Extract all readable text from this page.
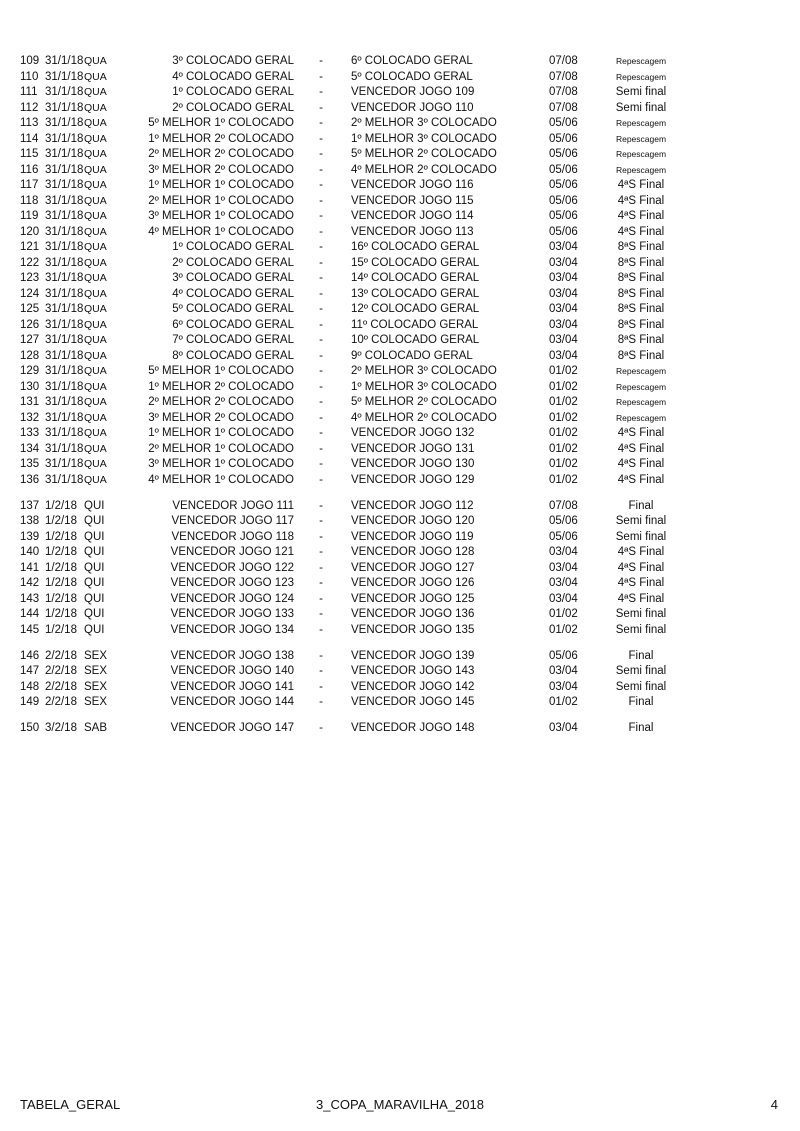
109 31/1/18 QUA	3º COLOCADO GERAL	-	6º COLOCADO GERAL	07/08	Repescagem
110 31/1/18 QUA	4º COLOCADO GERAL	-	5º COLOCADO GERAL	07/08	Repescagem
111 31/1/18 QUA	1º COLOCADO GERAL	-	VENCEDOR JOGO 109	07/08	Semi final
112 31/1/18 QUA	2º COLOCADO GERAL	-	VENCEDOR JOGO 110	07/08	Semi final
113 31/1/18 QUA	5º MELHOR 1º COLOCADO	-	2º MELHOR 3º COLOCADO	05/06	Repescagem
114 31/1/18 QUA	1º MELHOR 2º COLOCADO	-	1º MELHOR 3º COLOCADO	05/06	Repescagem
115 31/1/18 QUA	2º MELHOR 2º COLOCADO	-	5º MELHOR 2º COLOCADO	05/06	Repescagem
116 31/1/18 QUA	3º MELHOR 2º COLOCADO	-	4º MELHOR 2º COLOCADO	05/06	Repescagem
117 31/1/18 QUA	1º MELHOR 1º COLOCADO	-	VENCEDOR JOGO 116	05/06	4ªS Final
118 31/1/18 QUA	2º MELHOR 1º COLOCADO	-	VENCEDOR JOGO 115	05/06	4ªS Final
119 31/1/18 QUA	3º MELHOR 1º COLOCADO	-	VENCEDOR JOGO 114	05/06	4ªS Final
120 31/1/18 QUA	4º MELHOR 1º COLOCADO	-	VENCEDOR JOGO 113	05/06	4ªS Final
121 31/1/18 QUA	1º COLOCADO GERAL	-	16º COLOCADO GERAL	03/04	8ªS Final
122 31/1/18 QUA	2º COLOCADO GERAL	-	15º COLOCADO GERAL	03/04	8ªS Final
123 31/1/18 QUA	3º COLOCADO GERAL	-	14º COLOCADO GERAL	03/04	8ªS Final
124 31/1/18 QUA	4º COLOCADO GERAL	-	13º COLOCADO GERAL	03/04	8ªS Final
125 31/1/18 QUA	5º COLOCADO GERAL	-	12º COLOCADO GERAL	03/04	8ªS Final
126 31/1/18 QUA	6º COLOCADO GERAL	-	11º COLOCADO GERAL	03/04	8ªS Final
127 31/1/18 QUA	7º COLOCADO GERAL	-	10º COLOCADO GERAL	03/04	8ªS Final
128 31/1/18 QUA	8º COLOCADO GERAL	-	9º COLOCADO GERAL	03/04	8ªS Final
129 31/1/18 QUA	5º MELHOR 1º COLOCADO	-	2º MELHOR 3º COLOCADO	01/02	Repescagem
130 31/1/18 QUA	1º MELHOR 2º COLOCADO	-	1º MELHOR 3º COLOCADO	01/02	Repescagem
131 31/1/18 QUA	2º MELHOR 2º COLOCADO	-	5º MELHOR 2º COLOCADO	01/02	Repescagem
132 31/1/18 QUA	3º MELHOR 2º COLOCADO	-	4º MELHOR 2º COLOCADO	01/02	Repescagem
133 31/1/18 QUA	1º MELHOR 1º COLOCADO	-	VENCEDOR JOGO 132	01/02	4ªS Final
134 31/1/18 QUA	2º MELHOR 1º COLOCADO	-	VENCEDOR JOGO 131	01/02	4ªS Final
135 31/1/18 QUA	3º MELHOR 1º COLOCADO	-	VENCEDOR JOGO 130	01/02	4ªS Final
136 31/1/18 QUA	4º MELHOR 1º COLOCADO	-	VENCEDOR JOGO 129	01/02	4ªS Final
137 1/2/18 QUI	VENCEDOR JOGO 111	-	VENCEDOR JOGO 112	07/08	Final
138 1/2/18 QUI	VENCEDOR JOGO 117	-	VENCEDOR JOGO 120	05/06	Semi final
139 1/2/18 QUI	VENCEDOR JOGO 118	-	VENCEDOR JOGO 119	05/06	Semi final
140 1/2/18 QUI	VENCEDOR JOGO 121	-	VENCEDOR JOGO 128	03/04	4ªS Final
141 1/2/18 QUI	VENCEDOR JOGO 122	-	VENCEDOR JOGO 127	03/04	4ªS Final
142 1/2/18 QUI	VENCEDOR JOGO 123	-	VENCEDOR JOGO 126	03/04	4ªS Final
143 1/2/18 QUI	VENCEDOR JOGO 124	-	VENCEDOR JOGO 125	03/04	4ªS Final
144 1/2/18 QUI	VENCEDOR JOGO 133	-	VENCEDOR JOGO 136	01/02	Semi final
145 1/2/18 QUI	VENCEDOR JOGO 134	-	VENCEDOR JOGO 135	01/02	Semi final
146 2/2/18 SEX	VENCEDOR JOGO 138	-	VENCEDOR JOGO 139	05/06	Final
147 2/2/18 SEX	VENCEDOR JOGO 140	-	VENCEDOR JOGO 143	03/04	Semi final
148 2/2/18 SEX	VENCEDOR JOGO 141	-	VENCEDOR JOGO 142	03/04	Semi final
149 2/2/18 SEX	VENCEDOR JOGO 144	-	VENCEDOR JOGO 145	01/02	Final
150 3/2/18 SAB	VENCEDOR JOGO 147	-	VENCEDOR JOGO 148	03/04	Final
TABELA_GERAL	3_COPA_MARAVILHA_2018	4
